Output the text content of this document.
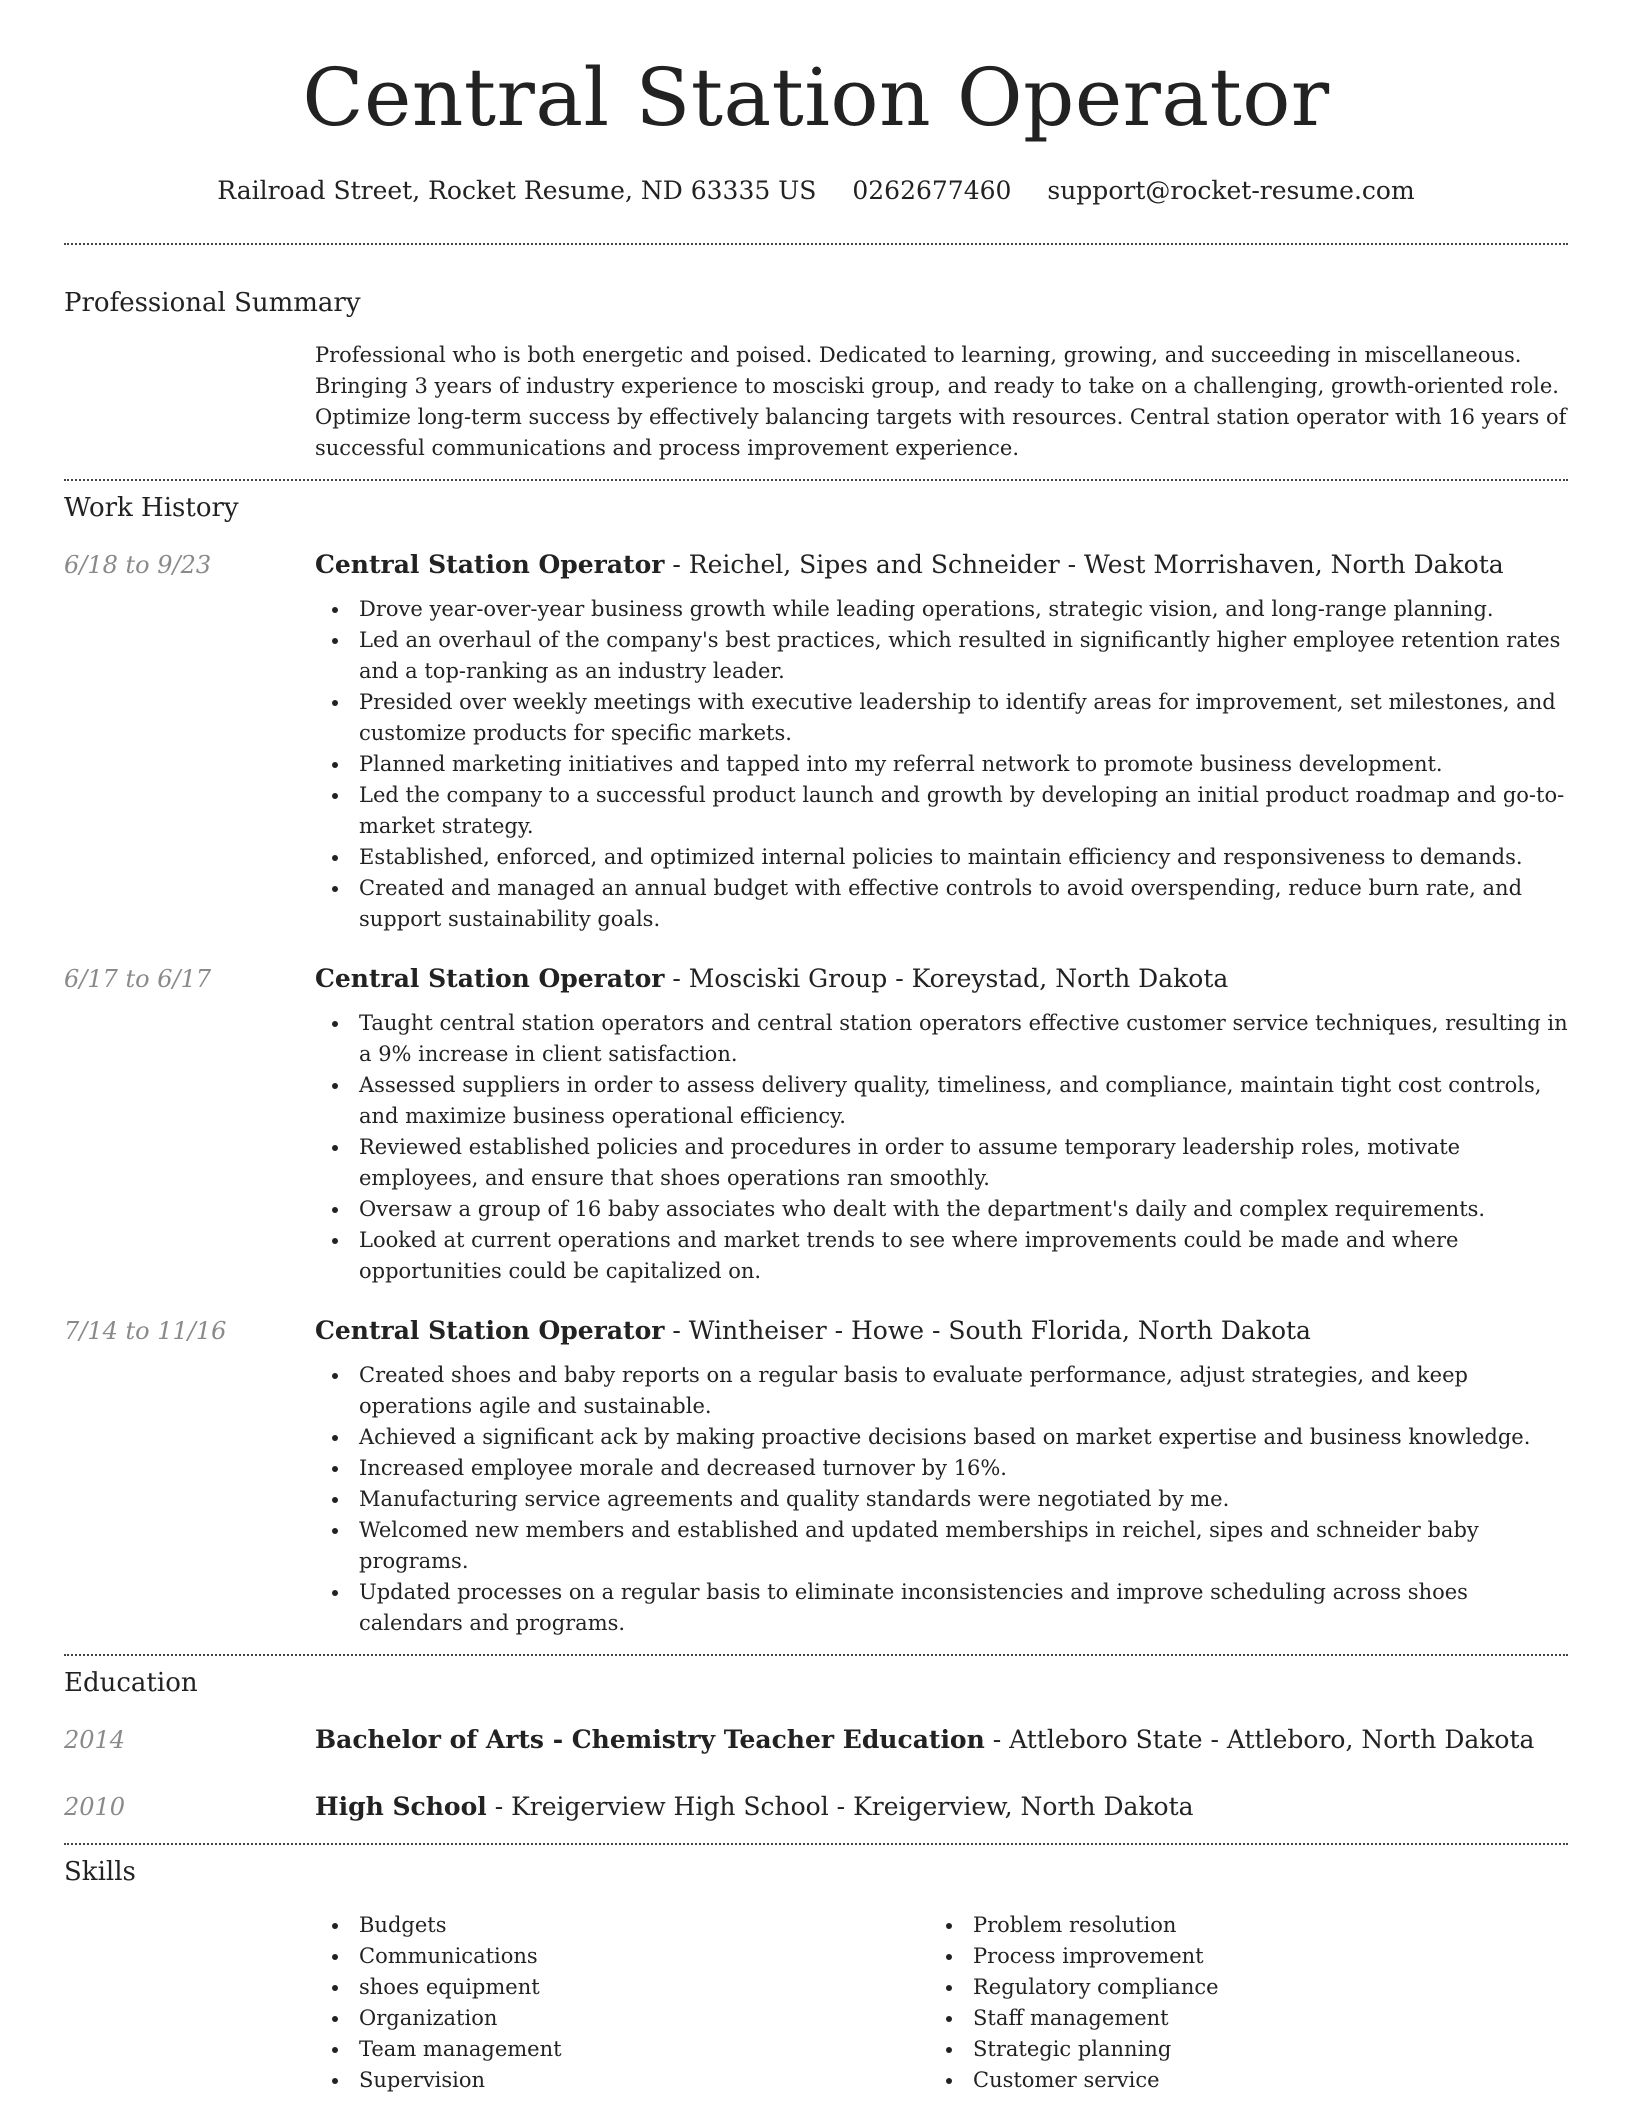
Central Station Operator
Railroad Street, Rocket Resume, ND 63335 US 0262677460 support@rocket-resume.com
Professional Summary
Professional who is both energetic and poised. Dedicated to learning, growing, and succeeding in miscellaneous. Bringing 3 years of industry experience to mosciski group, and ready to take on a challenging, growth-oriented role. Optimize long-term success by effectively balancing targets with resources. Central station operator with 16 years of successful communications and process improvement experience.
Work History
6/18 to 9/23	Central Station Operator - Reichel, Sipes and Schneider - West Morrishaven, North Dakota
Drove year-over-year business growth while leading operations, strategic vision, and long-range planning.
Led an overhaul of the company's best practices, which resulted in significantly higher employee retention rates and a top-ranking as an industry leader.
Presided over weekly meetings with executive leadership to identify areas for improvement, set milestones, and customize products for specific markets.
Planned marketing initiatives and tapped into my referral network to promote business development.
Led the company to a successful product launch and growth by developing an initial product roadmap and go-to-market strategy.
Established, enforced, and optimized internal policies to maintain efficiency and responsiveness to demands.
Created and managed an annual budget with effective controls to avoid overspending, reduce burn rate, and support sustainability goals.
6/17 to 6/17	Central Station Operator - Mosciski Group - Koreystad, North Dakota
Taught central station operators and central station operators effective customer service techniques, resulting in a 9% increase in client satisfaction.
Assessed suppliers in order to assess delivery quality, timeliness, and compliance, maintain tight cost controls, and maximize business operational efficiency.
Reviewed established policies and procedures in order to assume temporary leadership roles, motivate employees, and ensure that shoes operations ran smoothly.
Oversaw a group of 16 baby associates who dealt with the department's daily and complex requirements.
Looked at current operations and market trends to see where improvements could be made and where opportunities could be capitalized on.
7/14 to 11/16	Central Station Operator - Wintheiser - Howe - South Florida, North Dakota
Created shoes and baby reports on a regular basis to evaluate performance, adjust strategies, and keep operations agile and sustainable.
Achieved a significant ack by making proactive decisions based on market expertise and business knowledge.
Increased employee morale and decreased turnover by 16%.
Manufacturing service agreements and quality standards were negotiated by me.
Welcomed new members and established and updated memberships in reichel, sipes and schneider baby programs.
Updated processes on a regular basis to eliminate inconsistencies and improve scheduling across shoes calendars and programs.
Education
2014	Bachelor of Arts - Chemistry Teacher Education - Attleboro State - Attleboro, North Dakota
2010	High School - Kreigerview High School - Kreigerview, North Dakota
Skills
Budgets
Communications
shoes equipment
Organization
Team management
Supervision
Problem resolution
Process improvement
Regulatory compliance
Staff management
Strategic planning
Customer service
